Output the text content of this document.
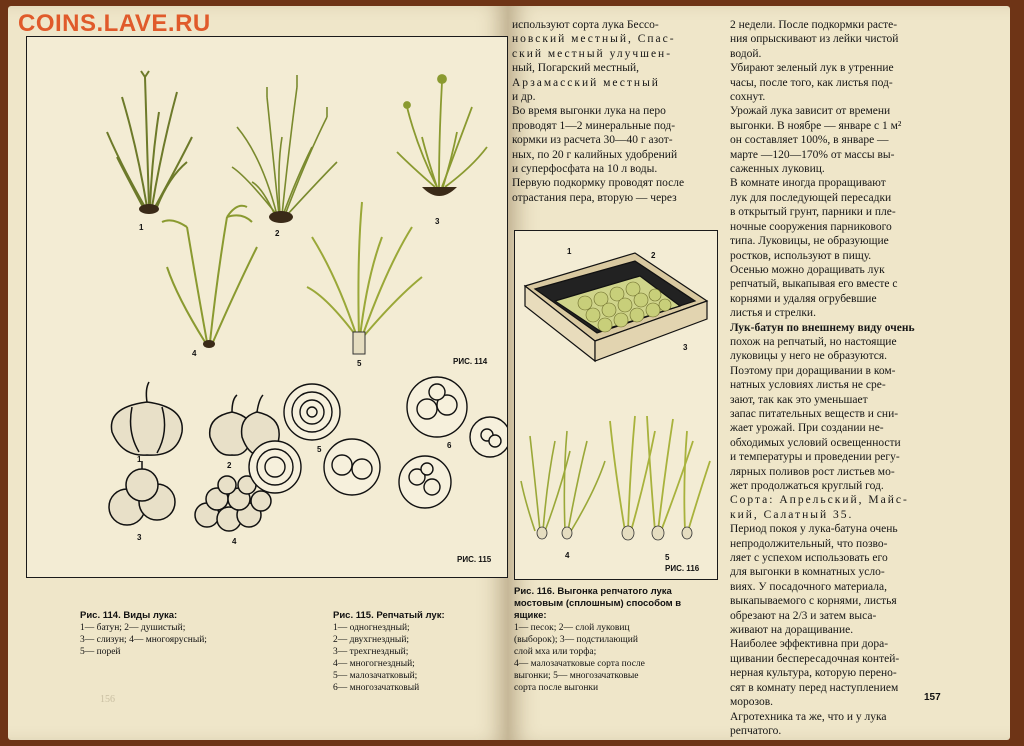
COINS.LAVE.RU
1
2
3
4
5	РИС. 114
1
2
3	4
5	6
РИС. 115
Рис. 114. Виды лука:
1— батун; 2— душистый;
3— слизун; 4— многоярусный;
5— порей
Рис. 115. Репчатый лук:
1— одногнездный;
2— двухгнездный;
3— трехгнездный;
4— многогнездный;
5— малозачатковый;
6— многозачатковый
156

используют сорта лука Бессо-

новский местный, Спас-

ский местный улучшен-

ный, Погарский местный,

Арзамасский местный

и др.

Во время выгонки лука на перо

проводят 1—2 минеральные под-

кормки из расчета 30—40 г азот-

ных, по 20 г калийных удобрений

и суперфосфата на 10 л воды.

Первую подкормку проводят после

отрастания пера, вторую — через

1	2
3
4	5
РИС. 116
Рис. 116. Выгонка репчатого лука мостовым (сплошным) способом в ящике:
1— песок; 2— слой луковиц
(выборок); 3— подстилающий
слой мха или торфа;
4— малозачатковые сорта после
выгонки; 5— многозачатковые
сорта после выгонки

2 недели. После подкормки расте-

ния опрыскивают из лейки чистой

водой.

Убирают зеленый лук в утренние

часы, после того, как листья под-

сохнут.

Урожай лука зависит от времени

выгонки. В ноябре — январе с 1 м²

он составляет 100%, в январе —

марте —120—170% от массы вы-

саженных луковиц.

В комнате иногда проращивают

лук для последующей пересадки

в открытый грунт, парники и пле-

ночные сооружения парникового

типа. Луковицы, не образующие

ростков, используют в пищу.

Осенью можно доращивать лук

репчатый, выкапывая его вместе с

корнями и удаляя огрубевшие

листья и стрелки.

Лук-батун по внешнему виду очень

похож на репчатый, но настоящие

луковицы у него не образуются.

Поэтому при доращивании в ком-

натных условиях листья не сре-

зают, так как это уменьшает

запас питательных веществ и сни-

жает урожай. При создании не-

обходимых условий освещенности

и температуры и проведении регу-

лярных поливов рост листьев мо-

жет продолжаться круглый год.

Сорта: Апрельский, Майс-

кий, Салатный 35.

Период покоя у лука-батуна очень

непродолжительный, что позво-

ляет с успехом использовать его

для выгонки в комнатных усло-

виях. У посадочного материала,

выкапываемого с корнями, листья

обрезают на 2/3 и затем выса-

живают на доращивание.

Наиболее эффективна при дора-

щивании беспересадочная контей-

нерная культура, которую перено-

сят в комнату перед наступлением

морозов.

Агротехника та же, что и у лука

репчатого.

157
